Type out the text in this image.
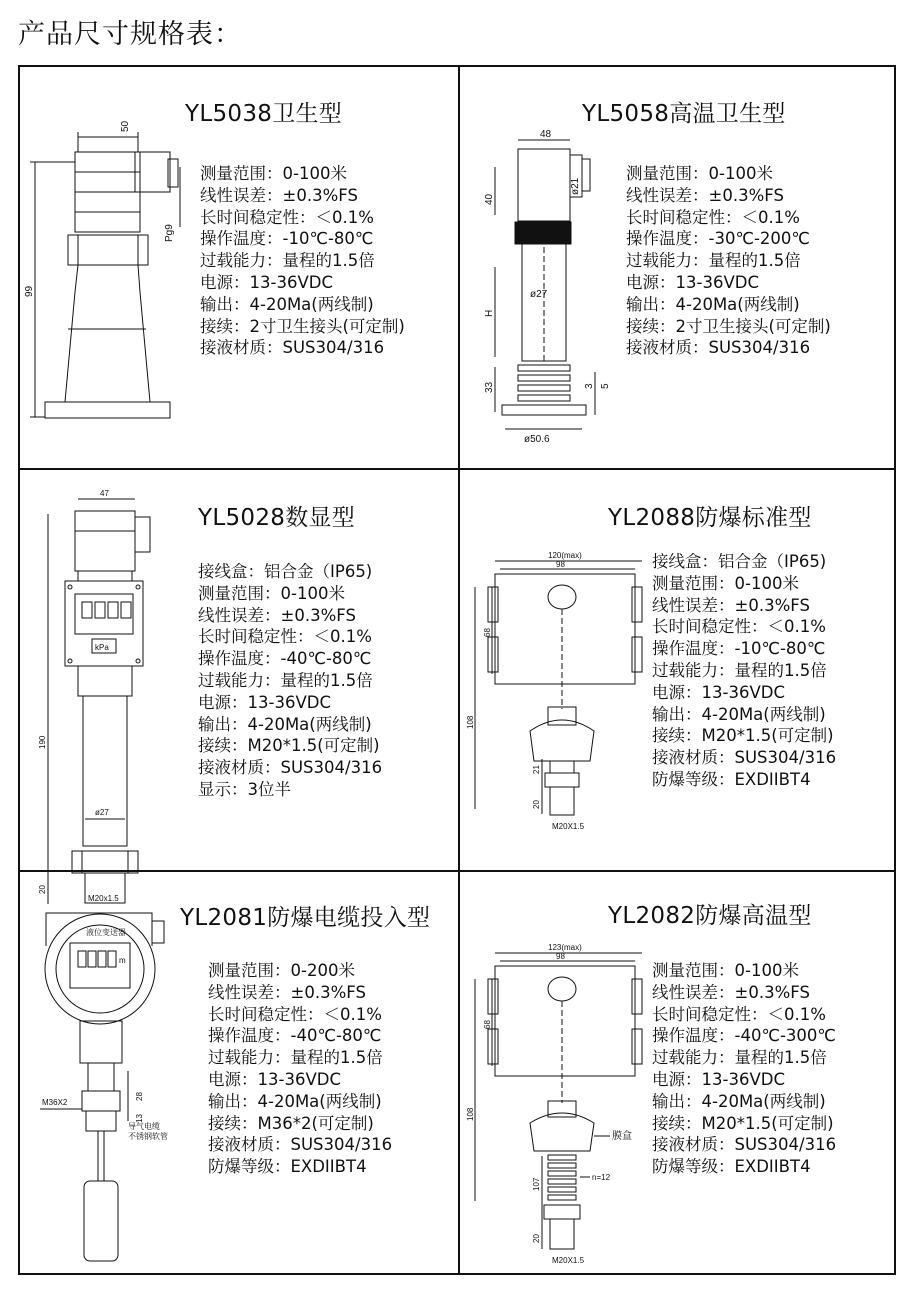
产品尺寸规格表：
50
99
Pg9
YL5038卫生型
测量范围：0-100米
线性误差：±0.3%FS
长时间稳定性：＜0.1%
操作温度：-10℃-80℃
过载能力：量程的1.5倍
电源：13-36VDC
输出：4-20Ma(两线制)
接续：2寸卫生接头(可定制)
接液材质：SUS304/316
48
40
ø21
H
ø27
33	3 5
ø50.6
YL5058高温卫生型
测量范围：0-100米
线性误差：±0.3%FS
长时间稳定性：＜0.1%
操作温度：-30℃-200℃
过载能力：量程的1.5倍
电源：13-36VDC
输出：4-20Ma(两线制)
接续：2寸卫生接头(可定制)
接液材质：SUS304/316
47
kPa
ø27
M20x1.5
190
20
YL5028数显型
接线盒：铝合金（IP65)
测量范围：0-100米
线性误差：±0.3%FS
长时间稳定性：＜0.1%
操作温度：-40℃-80℃
过载能力：量程的1.5倍
电源：13-36VDC
输出：4-20Ma(两线制)
接续：M20*1.5(可定制)
接液材质：SUS304/316
显示：3位半
120(max)
98
68
108
21
20
M20X1.5
YL2088防爆标准型
接线盒：铝合金（IP65)
测量范围：0-100米
线性误差：±0.3%FS
长时间稳定性：＜0.1%
操作温度：-10℃-80℃
过载能力：量程的1.5倍
电源：13-36VDC
输出：4-20Ma(两线制)
接续：M20*1.5(可定制)
接液材质：SUS304/316
防爆等级：EXDIIBT4
28
13
M36X2
导气电缆
不锈钢软管
液位变送器
m
YL2081防爆电缆投入型
测量范围：0-200米
线性误差：±0.3%FS
长时间稳定性：＜0.1%
操作温度：-40℃-80℃
过载能力：量程的1.5倍
电源：13-36VDC
输出：4-20Ma(两线制)
接续：M36*2(可定制)
接液材质：SUS304/316
防爆等级：EXDIIBT4
123(max)
98
68
108
107
20
M20X1.5
膜盒
n=12
YL2082防爆高温型
测量范围：0-100米
线性误差：±0.3%FS
长时间稳定性：＜0.1%
操作温度：-40℃-300℃
过载能力：量程的1.5倍
电源：13-36VDC
输出：4-20Ma(两线制)
接续：M20*1.5(可定制)
接液材质：SUS304/316
防爆等级：EXDIIBT4
